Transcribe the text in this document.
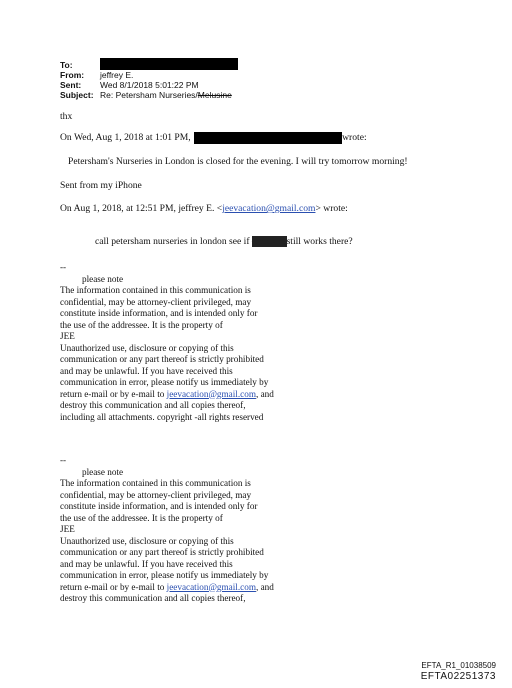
To:
From:	jeffrey E.
Sent:	Wed 8/1/2018 5:01:22 PM
Subject: Re: Petersham Nurseries/Melusine
thx
On Wed, Aug 1, 2018 at 1:01 PM,	wrote:
Petersham's Nurseries in London is closed for the evening. I will try tomorrow morning!
Sent from my iPhone
On Aug 1, 2018, at 12:51 PM, jeffrey E. <jeevacation@gmail.com> wrote:
call petersham nurseries in london see if melusinestill works there?
--
please note
The information contained in this communication is
confidential, may be attorney-client privileged, may
constitute inside information, and is intended only for
the use of the addressee. It is the property of
JEE
Unauthorized use, disclosure or copying of this
communication or any part thereof is strictly prohibited
and may be unlawful. If you have received this
communication in error, please notify us immediately by
return e-mail or by e-mail to jeevacation@gmail.com, and
destroy this communication and all copies thereof,
including all attachments. copyright -all rights reserved
--
please note
The information contained in this communication is
confidential, may be attorney-client privileged, may
constitute inside information, and is intended only for
the use of the addressee. It is the property of
JEE
Unauthorized use, disclosure or copying of this
communication or any part thereof is strictly prohibited
and may be unlawful. If you have received this
communication in error, please notify us immediately by
return e-mail or by e-mail to jeevacation@gmail.com, and
destroy this communication and all copies thereof,
EFTA_R1_01038509
EFTA02251373
